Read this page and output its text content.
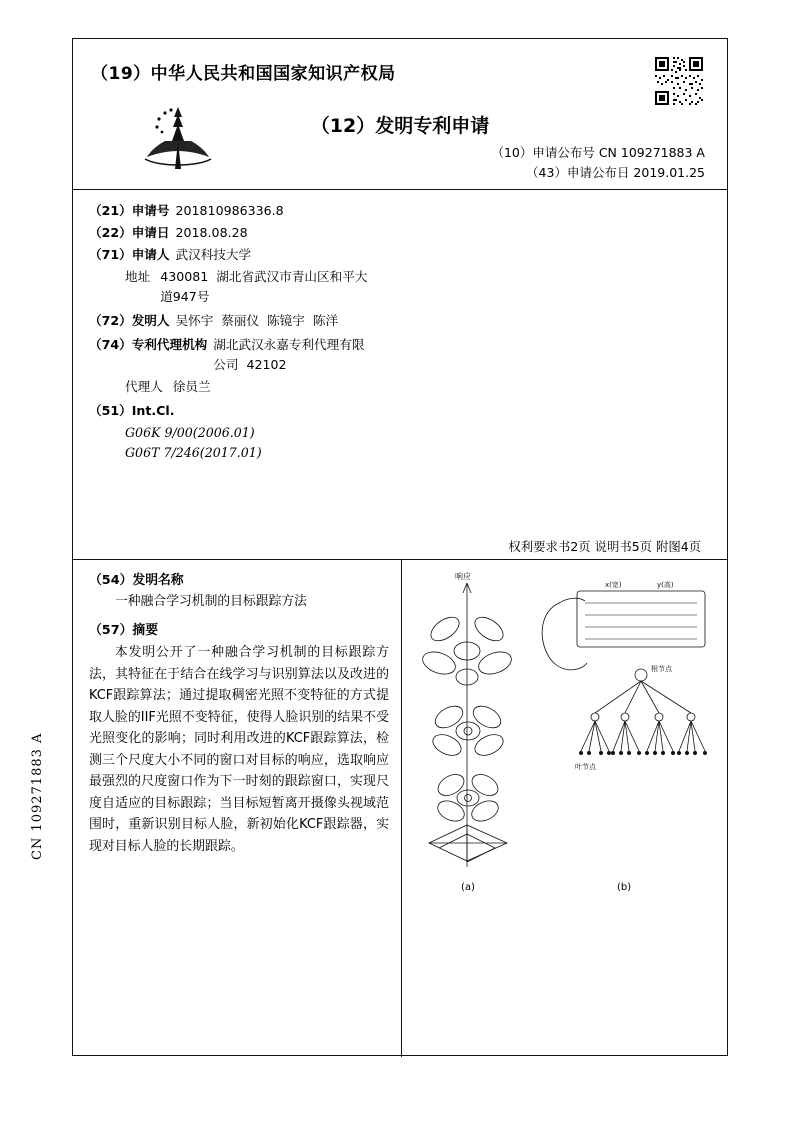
（19）中华人民共和国国家知识产权局
（12）发明专利申请
（10）申请公布号 CN 109271883 A
（43）申请公布日 2019.01.25
（21）申请号 201810986336.8
（22）申请日 2018.08.28
（71）申请人 武汉科技大学
地址 430081  湖北省武汉市青山区和平大
道947号
（72）发明人 吴怀宇  蔡丽仪  陈镜宇  陈洋
（74）专利代理机构 湖北武汉永嘉专利代理有限
公司  42102
代理人 徐员兰
（51）Int.Cl.
G06K 9/00(2006.01)
G06T 7/246(2017.01)
权利要求书2页 说明书5页 附图4页
（54）发明名称
一种融合学习机制的目标跟踪方法
（57）摘要
本发明公开了一种融合学习机制的目标跟踪方法，其特征在于结合在线学习与识别算法以及改进的KCF跟踪算法；通过提取稠密光照不变特征的方式提取人脸的IIF光照不变特征，使得人脸识别的结果不受光照变化的影响；同时利用改进的KCF跟踪算法，检测三个尺度大小不同的窗口对目标的响应，选取响应最强烈的尺度窗口作为下一时刻的跟踪窗口，实现尺度自适应的目标跟踪；当目标短暂离开摄像头视域范围时，重新识别目标人脸，新初始化KCF跟踪器，实现对目标人脸的长期跟踪。
响应
x(宽)	y(高)
根节点
叶节点
(a)	(b)
CN 109271883 A
